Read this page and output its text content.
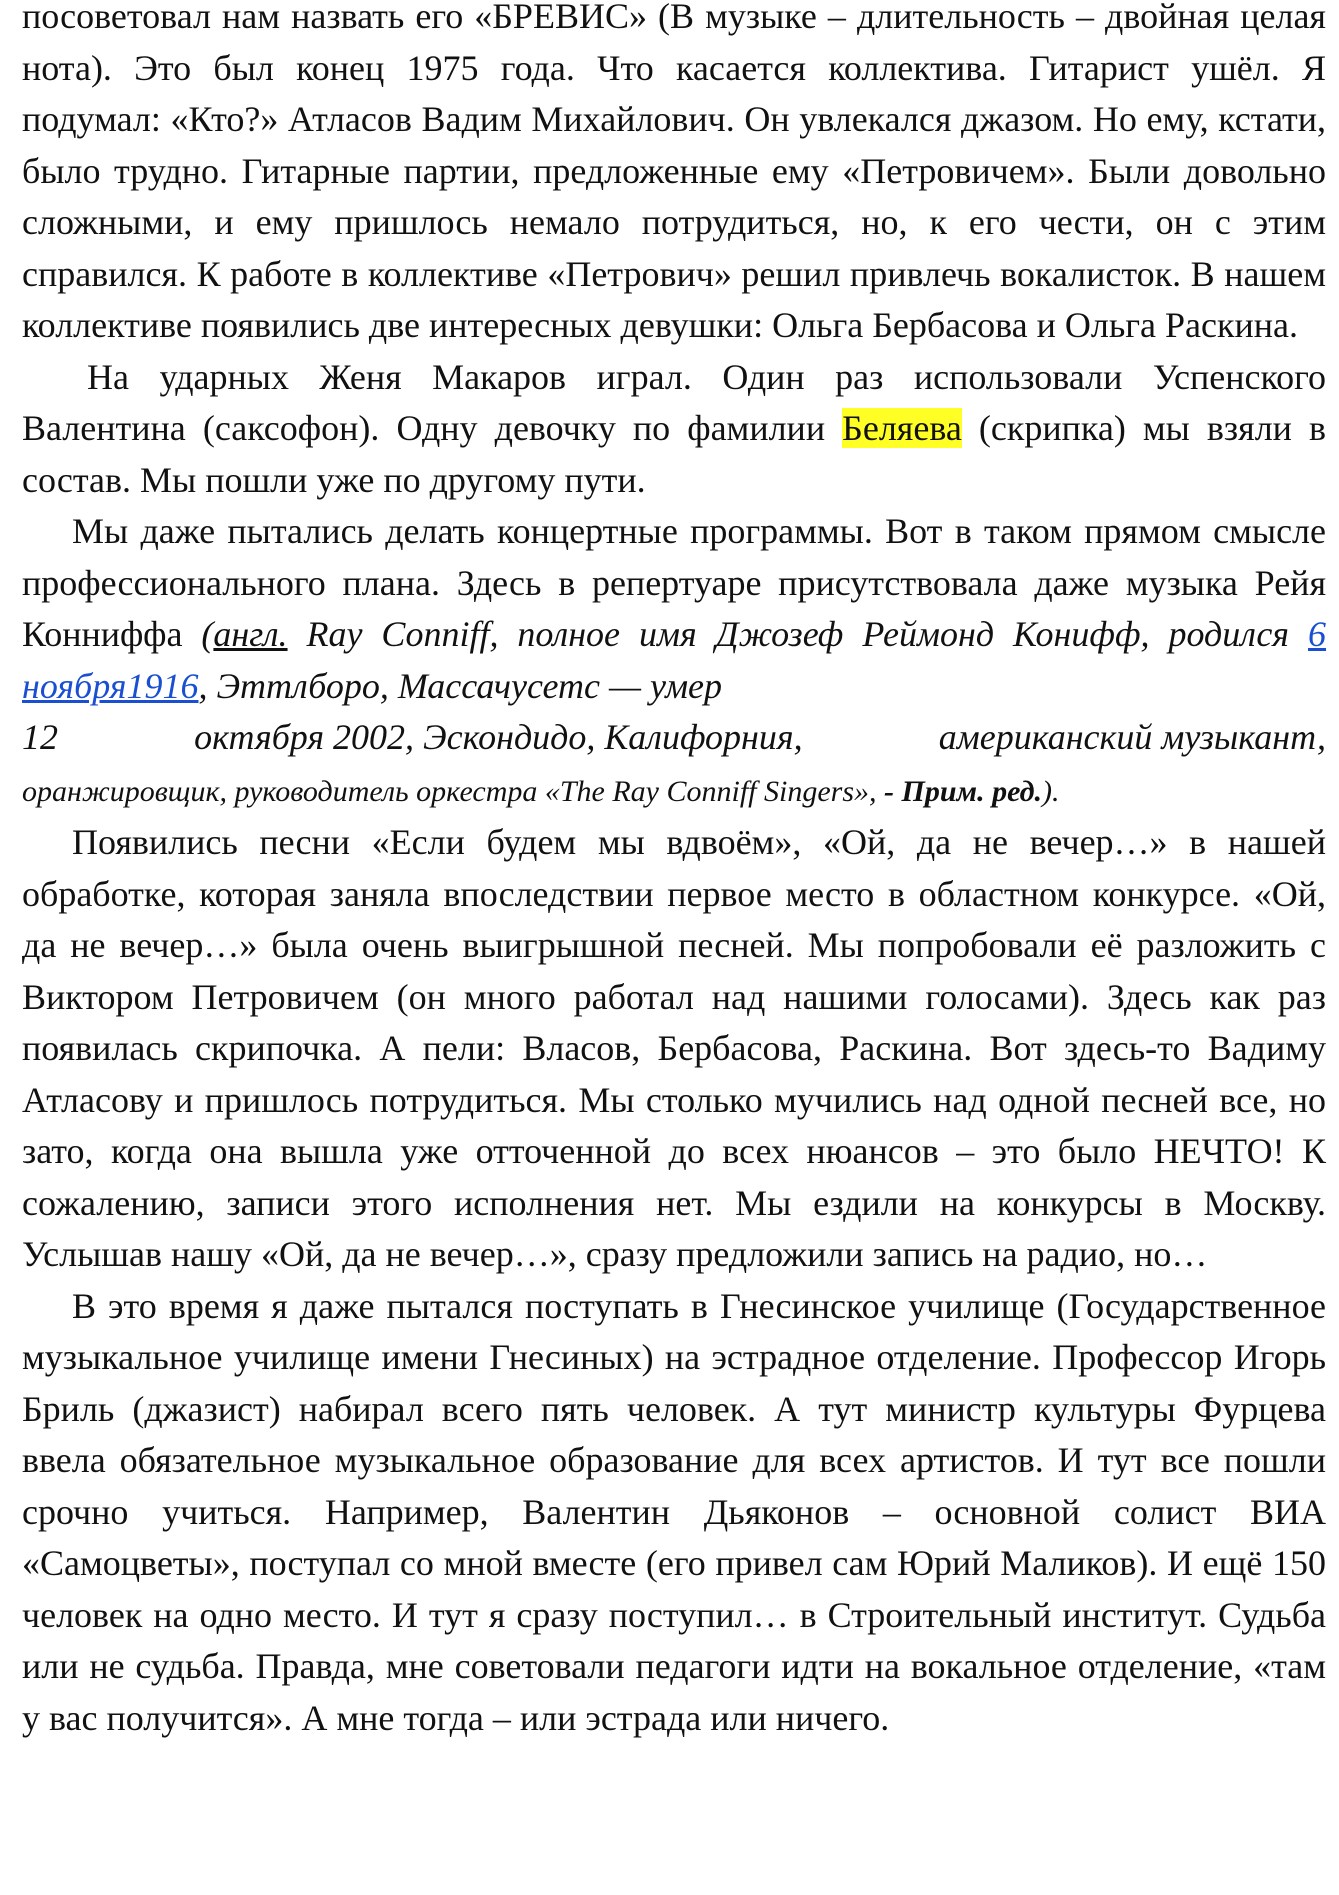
посоветовал нам назвать его «БРЕВИС» (В музыке – длительность – двойная целая нота). Это был конец 1975 года. Что касается коллектива. Гитарист ушёл. Я подумал: «Кто?» Атласов Вадим Михайлович. Он увлекался джазом. Но ему, кстати, было трудно. Гитарные партии, предложенные ему «Петровичем». Были довольно сложными, и ему пришлось немало потрудиться, но, к его чести, он с этим справился. К работе в коллективе «Петрович» решил привлечь вокалисток. В нашем коллективе появились две интересных девушки: Ольга Бербасова и Ольга Раскина.

На ударных Женя Макаров играл. Один раз использовали Успенского Валентина (саксофон). Одну девочку по фамилии Беляева (скрипка) мы взяли в состав. Мы пошли уже по другому пути.

Мы даже пытались делать концертные программы. Вот в таком прямом смысле профессионального плана. Здесь в репертуаре присутствовала даже музыка Рейя Конниффа (англ. Ray Conniff, полное имя Джозеф Реймонд Конифф, родился 6 ноября1916, Эттлборо, Массачусетс — умер

12	октября 2002, Эскондидо, Калифорния,	американский музыкант,

оранжировщик, руководитель оркестра «The Ray Conniff Singers», - Прим. ред.).

Появились песни «Если будем мы вдвоём», «Ой, да не вечер…» в нашей обработке, которая заняла впоследствии первое место в областном конкурсе. «Ой, да не вечер…» была очень выигрышной песней. Мы попробовали её разложить с Виктором Петровичем (он много работал над нашими голосами). Здесь как раз появилась скрипочка. А пели: Власов, Бербасова, Раскина. Вот здесь-то Вадиму Атласову и пришлось потрудиться. Мы столько мучились над одной песней все, но зато, когда она вышла уже отточенной до всех нюансов – это было НЕЧТО! К сожалению, записи этого исполнения нет. Мы ездили на конкурсы в Москву. Услышав нашу «Ой, да не вечер…», сразу предложили запись на радио, но…

В это время я даже пытался поступать в Гнесинское училище (Государственное музыкальное училище имени Гнесиных) на эстрадное отделение. Профессор Игорь Бриль (джазист) набирал всего пять человек. А тут министр культуры Фурцева ввела обязательное музыкальное образование для всех артистов. И тут все пошли срочно учиться. Например, Валентин Дьяконов – основной солист ВИА «Самоцветы», поступал со мной вместе (его привел сам Юрий Маликов). И ещё 150 человек на одно место. И тут я сразу поступил… в Строительный институт. Судьба или не судьба. Правда, мне советовали педагоги идти на вокальное отделение, «там у вас получится». А мне тогда – или эстрада или ничего.
